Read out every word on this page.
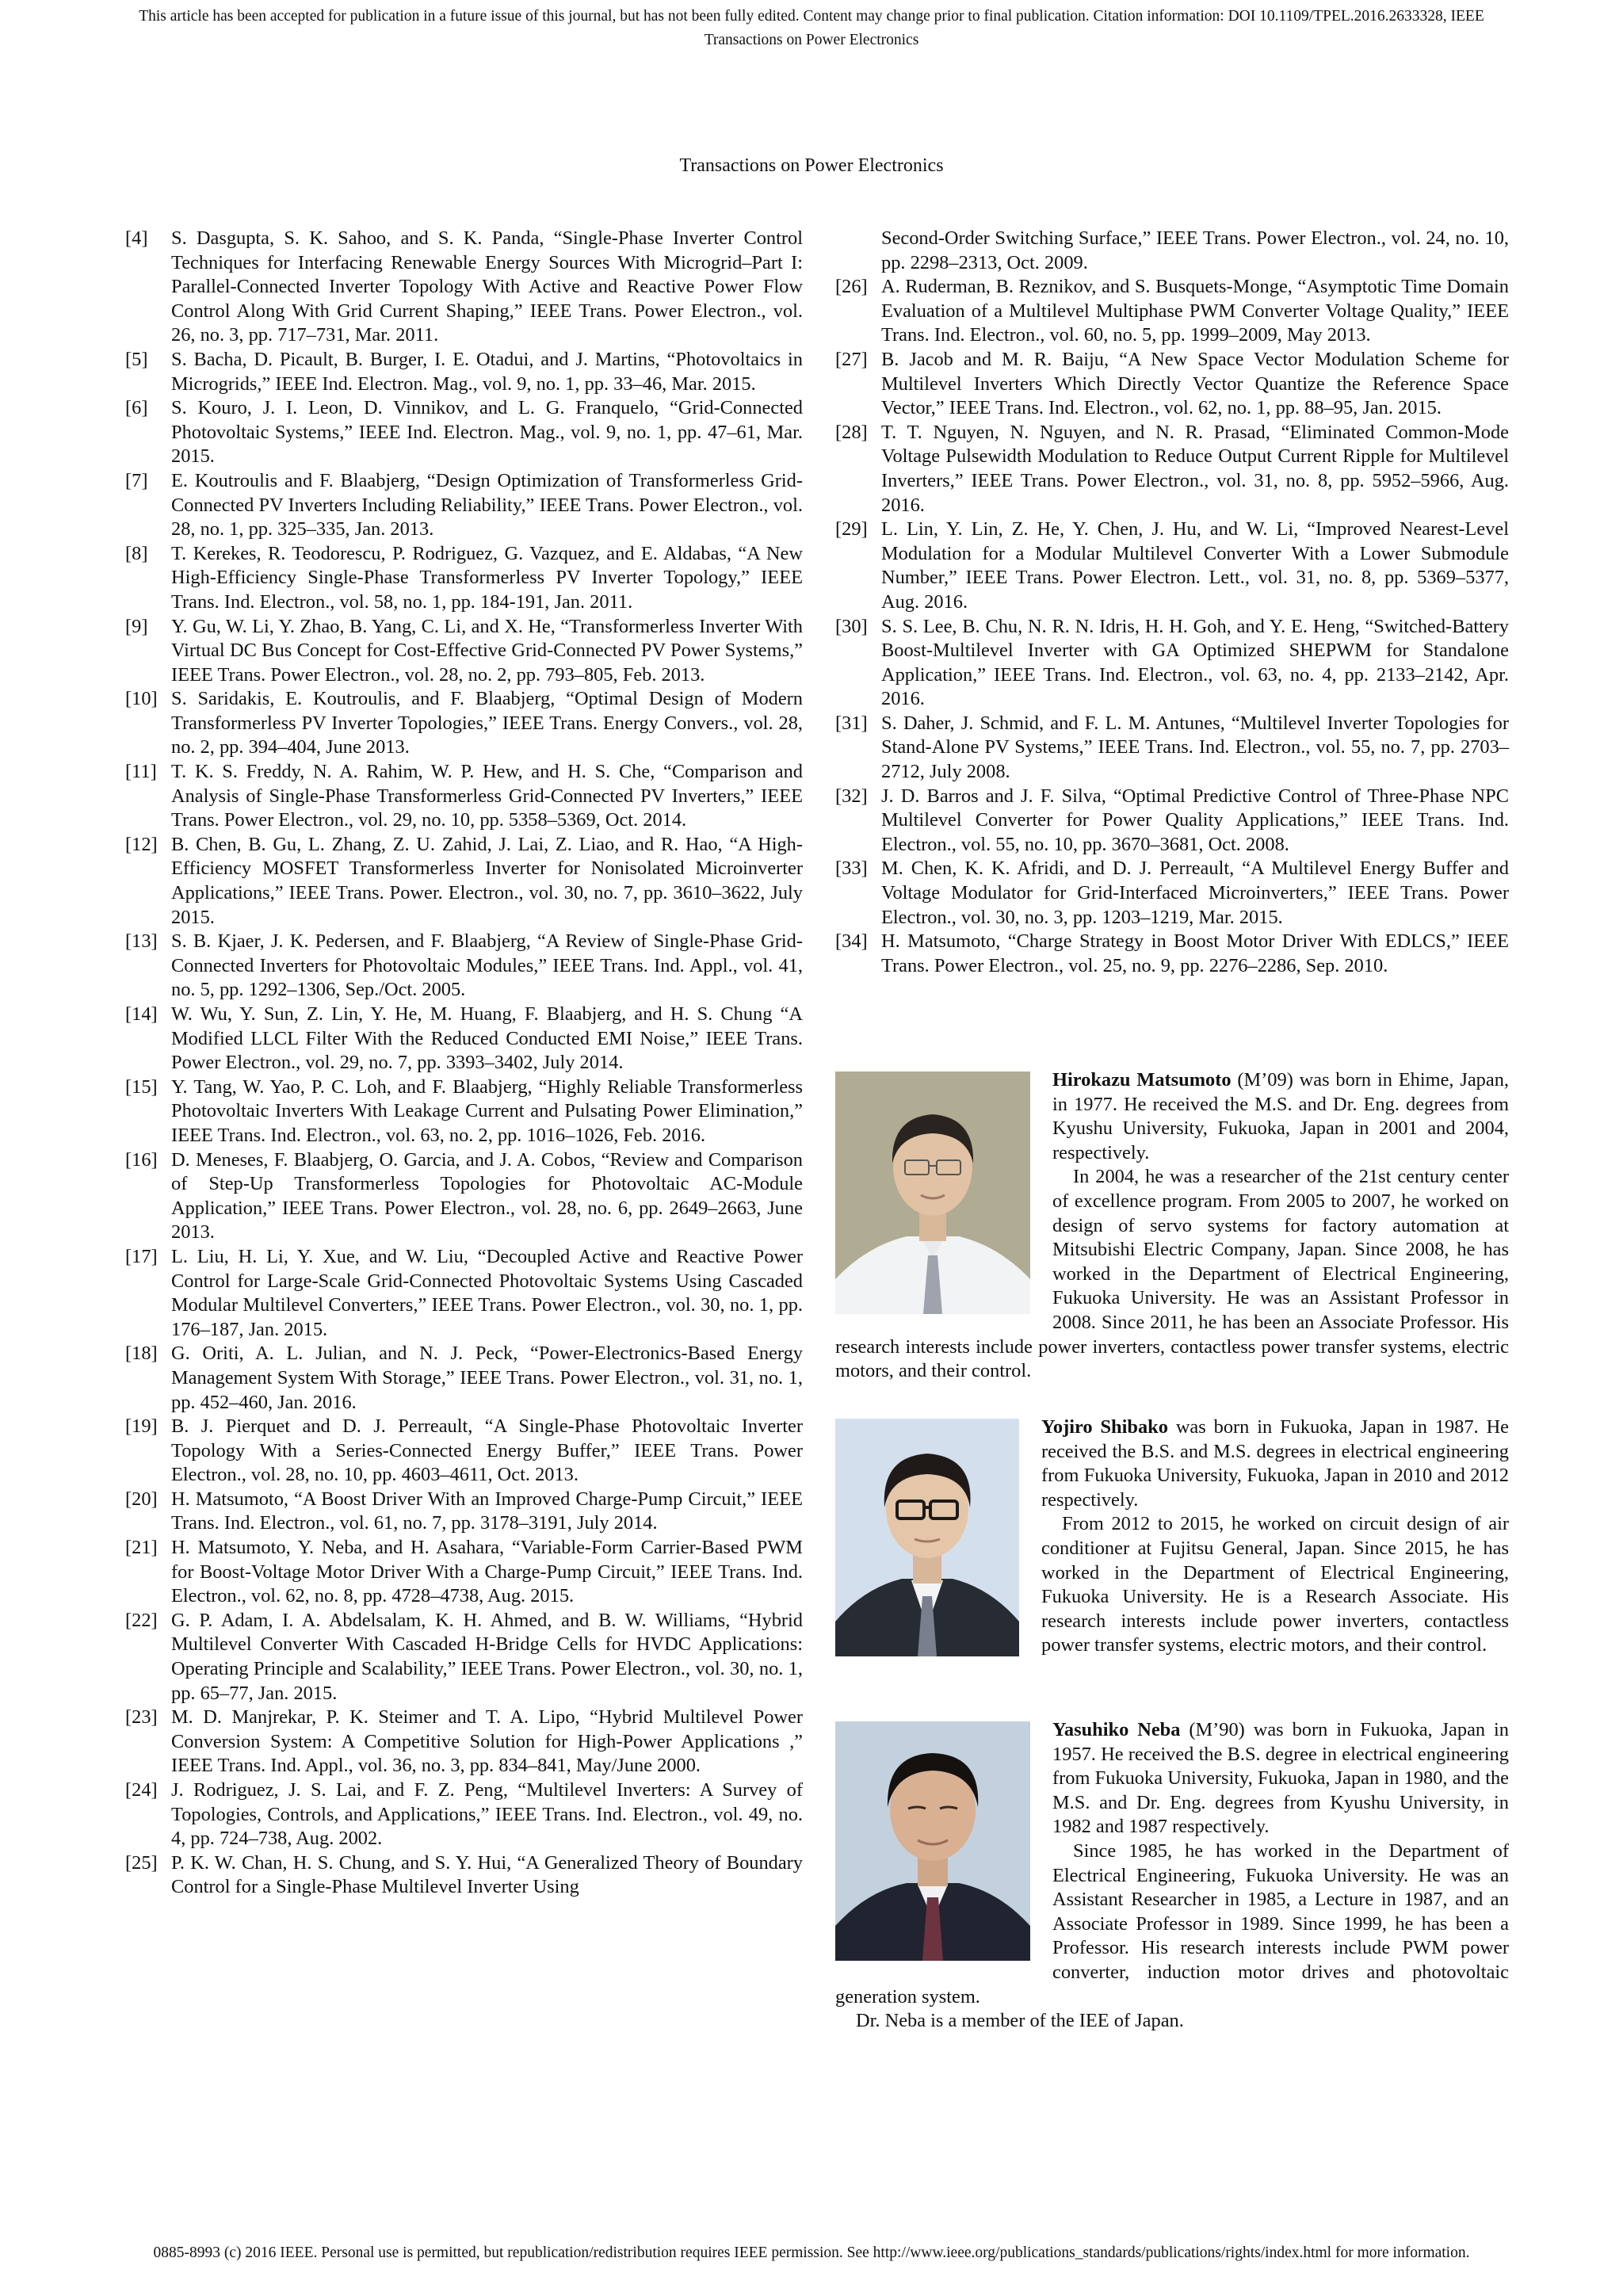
This article has been accepted for publication in a future issue of this journal, but has not been fully edited. Content may change prior to final publication. Citation information: DOI 10.1109/TPEL.2016.2633328, IEEE
Transactions on Power Electronics
Transactions on Power Electronics
[4]	S. Dasgupta, S. K. Sahoo, and S. K. Panda, “Single-Phase Inverter Control Techniques for Interfacing Renewable Energy Sources With Microgrid–Part I: Parallel-Connected Inverter Topology With Active and Reactive Power Flow Control Along With Grid Current Shaping,” IEEE Trans. Power Electron., vol. 26, no. 3, pp. 717–731, Mar. 2011.
[5]	S. Bacha, D. Picault, B. Burger, I. E. Otadui, and J. Martins, “Photovoltaics in Microgrids,” IEEE Ind. Electron. Mag., vol. 9, no. 1, pp. 33–46, Mar. 2015.
[6]	S. Kouro, J. I. Leon, D. Vinnikov, and L. G. Franquelo, “Grid-Connected Photovoltaic Systems,” IEEE Ind. Electron. Mag., vol. 9, no. 1, pp. 47–61, Mar. 2015.
[7]	E. Koutroulis and F. Blaabjerg, “Design Optimization of Transformerless Grid-Connected PV Inverters Including Reliability,” IEEE Trans. Power Electron., vol. 28, no. 1, pp. 325–335, Jan. 2013.
[8]	T. Kerekes, R. Teodorescu, P. Rodriguez, G. Vazquez, and E. Aldabas, “A New High-Efficiency Single-Phase Transformerless PV Inverter Topology,” IEEE Trans. Ind. Electron., vol. 58, no. 1, pp. 184-191, Jan. 2011.
[9]	Y. Gu, W. Li, Y. Zhao, B. Yang, C. Li, and X. He, “Transformerless Inverter With Virtual DC Bus Concept for Cost-Effective Grid-Connected PV Power Systems,” IEEE Trans. Power Electron., vol. 28, no. 2, pp. 793–805, Feb. 2013.
[10] S. Saridakis, E. Koutroulis, and F. Blaabjerg, “Optimal Design of Modern Transformerless PV Inverter Topologies,” IEEE Trans. Energy Convers., vol. 28, no. 2, pp. 394–404, June 2013.
[11] T. K. S. Freddy, N. A. Rahim, W. P. Hew, and H. S. Che, “Comparison and Analysis of Single-Phase Transformerless Grid-Connected PV Inverters,” IEEE Trans. Power Electron., vol. 29, no. 10, pp. 5358–5369, Oct. 2014.
[12] B. Chen, B. Gu, L. Zhang, Z. U. Zahid, J. Lai, Z. Liao, and R. Hao, “A High-Efficiency MOSFET Transformerless Inverter for Nonisolated Microinverter Applications,” IEEE Trans. Power. Electron., vol. 30, no. 7, pp. 3610–3622, July 2015.
[13] S. B. Kjaer, J. K. Pedersen, and F. Blaabjerg, “A Review of Single-Phase Grid-Connected Inverters for Photovoltaic Modules,” IEEE Trans. Ind. Appl., vol. 41, no. 5, pp. 1292–1306, Sep./Oct. 2005.
[14] W. Wu, Y. Sun, Z. Lin, Y. He, M. Huang, F. Blaabjerg, and H. S. Chung “A Modified LLCL Filter With the Reduced Conducted EMI Noise,” IEEE Trans. Power Electron., vol. 29, no. 7, pp. 3393–3402, July 2014.
[15] Y. Tang, W. Yao, P. C. Loh, and F. Blaabjerg, “Highly Reliable Transformerless Photovoltaic Inverters With Leakage Current and Pulsating Power Elimination,” IEEE Trans. Ind. Electron., vol. 63, no. 2, pp. 1016–1026, Feb. 2016.
[16] D. Meneses, F. Blaabjerg, O. Garcia, and J. A. Cobos, “Review and Comparison of Step-Up Transformerless Topologies for Photovoltaic AC-Module Application,” IEEE Trans. Power Electron., vol. 28, no. 6, pp. 2649–2663, June 2013.
[17] L. Liu, H. Li, Y. Xue, and W. Liu, “Decoupled Active and Reactive Power Control for Large-Scale Grid-Connected Photovoltaic Systems Using Cascaded Modular Multilevel Converters,” IEEE Trans. Power Electron., vol. 30, no. 1, pp. 176–187, Jan. 2015.
[18] G. Oriti, A. L. Julian, and N. J. Peck, “Power-Electronics-Based Energy Management System With Storage,” IEEE Trans. Power Electron., vol. 31, no. 1, pp. 452–460, Jan. 2016.
[19] B. J. Pierquet and D. J. Perreault, “A Single-Phase Photovoltaic Inverter Topology With a Series-Connected Energy Buffer,” IEEE Trans. Power Electron., vol. 28, no. 10, pp. 4603–4611, Oct. 2013.
[20] H. Matsumoto, “A Boost Driver With an Improved Charge-Pump Circuit,” IEEE Trans. Ind. Electron., vol. 61, no. 7, pp. 3178–3191, July 2014.
[21] H. Matsumoto, Y. Neba, and H. Asahara, “Variable-Form Carrier-Based PWM for Boost-Voltage Motor Driver With a Charge-Pump Circuit,” IEEE Trans. Ind. Electron., vol. 62, no. 8, pp. 4728–4738, Aug. 2015.
[22] G. P. Adam, I. A. Abdelsalam, K. H. Ahmed, and B. W. Williams, “Hybrid Multilevel Converter With Cascaded H-Bridge Cells for HVDC Applications: Operating Principle and Scalability,” IEEE Trans. Power Electron., vol. 30, no. 1, pp. 65–77, Jan. 2015.
[23] M. D. Manjrekar, P. K. Steimer and T. A. Lipo, “Hybrid Multilevel Power Conversion System: A Competitive Solution for High-Power Applications ,” IEEE Trans. Ind. Appl., vol. 36, no. 3, pp. 834–841, May/June 2000.
[24] J. Rodriguez, J. S. Lai, and F. Z. Peng, “Multilevel Inverters: A Survey of Topologies, Controls, and Applications,” IEEE Trans. Ind. Electron., vol. 49, no. 4, pp. 724–738, Aug. 2002.
[25] P. K. W. Chan, H. S. Chung, and S. Y. Hui, “A Generalized Theory of Boundary Control for a Single-Phase Multilevel Inverter Using
Second-Order Switching Surface,” IEEE Trans. Power Electron., vol. 24, no. 10, pp. 2298–2313, Oct. 2009.
[26] A. Ruderman, B. Reznikov, and S. Busquets-Monge, “Asymptotic Time Domain Evaluation of a Multilevel Multiphase PWM Converter Voltage Quality,” IEEE Trans. Ind. Electron., vol. 60, no. 5, pp. 1999–2009, May 2013.
[27] B. Jacob and M. R. Baiju, “A New Space Vector Modulation Scheme for Multilevel Inverters Which Directly Vector Quantize the Reference Space Vector,” IEEE Trans. Ind. Electron., vol. 62, no. 1, pp. 88–95, Jan. 2015.
[28] T. T. Nguyen, N. Nguyen, and N. R. Prasad, “Eliminated Common-Mode Voltage Pulsewidth Modulation to Reduce Output Current Ripple for Multilevel Inverters,” IEEE Trans. Power Electron., vol. 31, no. 8, pp. 5952–5966, Aug. 2016.
[29] L. Lin, Y. Lin, Z. He, Y. Chen, J. Hu, and W. Li, “Improved Nearest-Level Modulation for a Modular Multilevel Converter With a Lower Submodule Number,” IEEE Trans. Power Electron. Lett., vol. 31, no. 8, pp. 5369–5377, Aug. 2016.
[30] S. S. Lee, B. Chu, N. R. N. Idris, H. H. Goh, and Y. E. Heng, “Switched-Battery Boost-Multilevel Inverter with GA Optimized SHEPWM for Standalone Application,” IEEE Trans. Ind. Electron., vol. 63, no. 4, pp. 2133–2142, Apr. 2016.
[31] S. Daher, J. Schmid, and F. L. M. Antunes, “Multilevel Inverter Topologies for Stand-Alone PV Systems,” IEEE Trans. Ind. Electron., vol. 55, no. 7, pp. 2703–2712, July 2008.
[32] J. D. Barros and J. F. Silva, “Optimal Predictive Control of Three-Phase NPC Multilevel Converter for Power Quality Applications,” IEEE Trans. Ind. Electron., vol. 55, no. 10, pp. 3670–3681, Oct. 2008.
[33] M. Chen, K. K. Afridi, and D. J. Perreault, “A Multilevel Energy Buffer and Voltage Modulator for Grid-Interfaced Microinverters,” IEEE Trans. Power Electron., vol. 30, no. 3, pp. 1203–1219, Mar. 2015.
[34] H. Matsumoto, “Charge Strategy in Boost Motor Driver With EDLCS,” IEEE Trans. Power Electron., vol. 25, no. 9, pp. 2276–2286, Sep. 2010.

Hirokazu Matsumoto (M’09) was born in Ehime, Japan, in 1977. He received the M.S. and Dr. Eng. degrees from Kyushu University, Fukuoka, Japan in 2001 and 2004, respectively.

In 2004, he was a researcher of the 21st century center of excellence program. From 2005 to 2007, he worked on design of servo systems for factory automation at Mitsubishi Electric Company, Japan. Since 2008, he has worked in the Department of Electrical Engineering, Fukuoka University. He was an Assistant Professor in 2008. Since 2011, he has been an Associate Professor. His research interests include power inverters, contactless power transfer systems, electric motors, and their control.

Yojiro Shibako was born in Fukuoka, Japan in 1987. He received the B.S. and M.S. degrees in electrical engineering from Fukuoka University, Fukuoka, Japan in 2010 and 2012 respectively.

From 2012 to 2015, he worked on circuit design of air conditioner at Fujitsu General, Japan. Since 2015, he has worked in the Department of Electrical Engineering, Fukuoka University. He is a Research Associate. His research interests include power inverters, contactless power transfer systems, electric motors, and their control.

Yasuhiko Neba (M’90) was born in Fukuoka, Japan in 1957. He received the B.S. degree in electrical engineering from Fukuoka University, Fukuoka, Japan in 1980, and the M.S. and Dr. Eng. degrees from Kyushu University, in 1982 and 1987 respectively.

Since 1985, he has worked in the Department of Electrical Engineering, Fukuoka University. He was an Assistant Researcher in 1985, a Lecture in 1987, and an Associate Professor in 1989. Since 1999, he has been a Professor. His research interests include PWM power converter, induction motor drives and photovoltaic generation system.

Dr. Neba is a member of the IEE of Japan.

0885-8993 (c) 2016 IEEE. Personal use is permitted, but republication/redistribution requires IEEE permission. See http://www.ieee.org/publications_standards/publications/rights/index.html for more information.
